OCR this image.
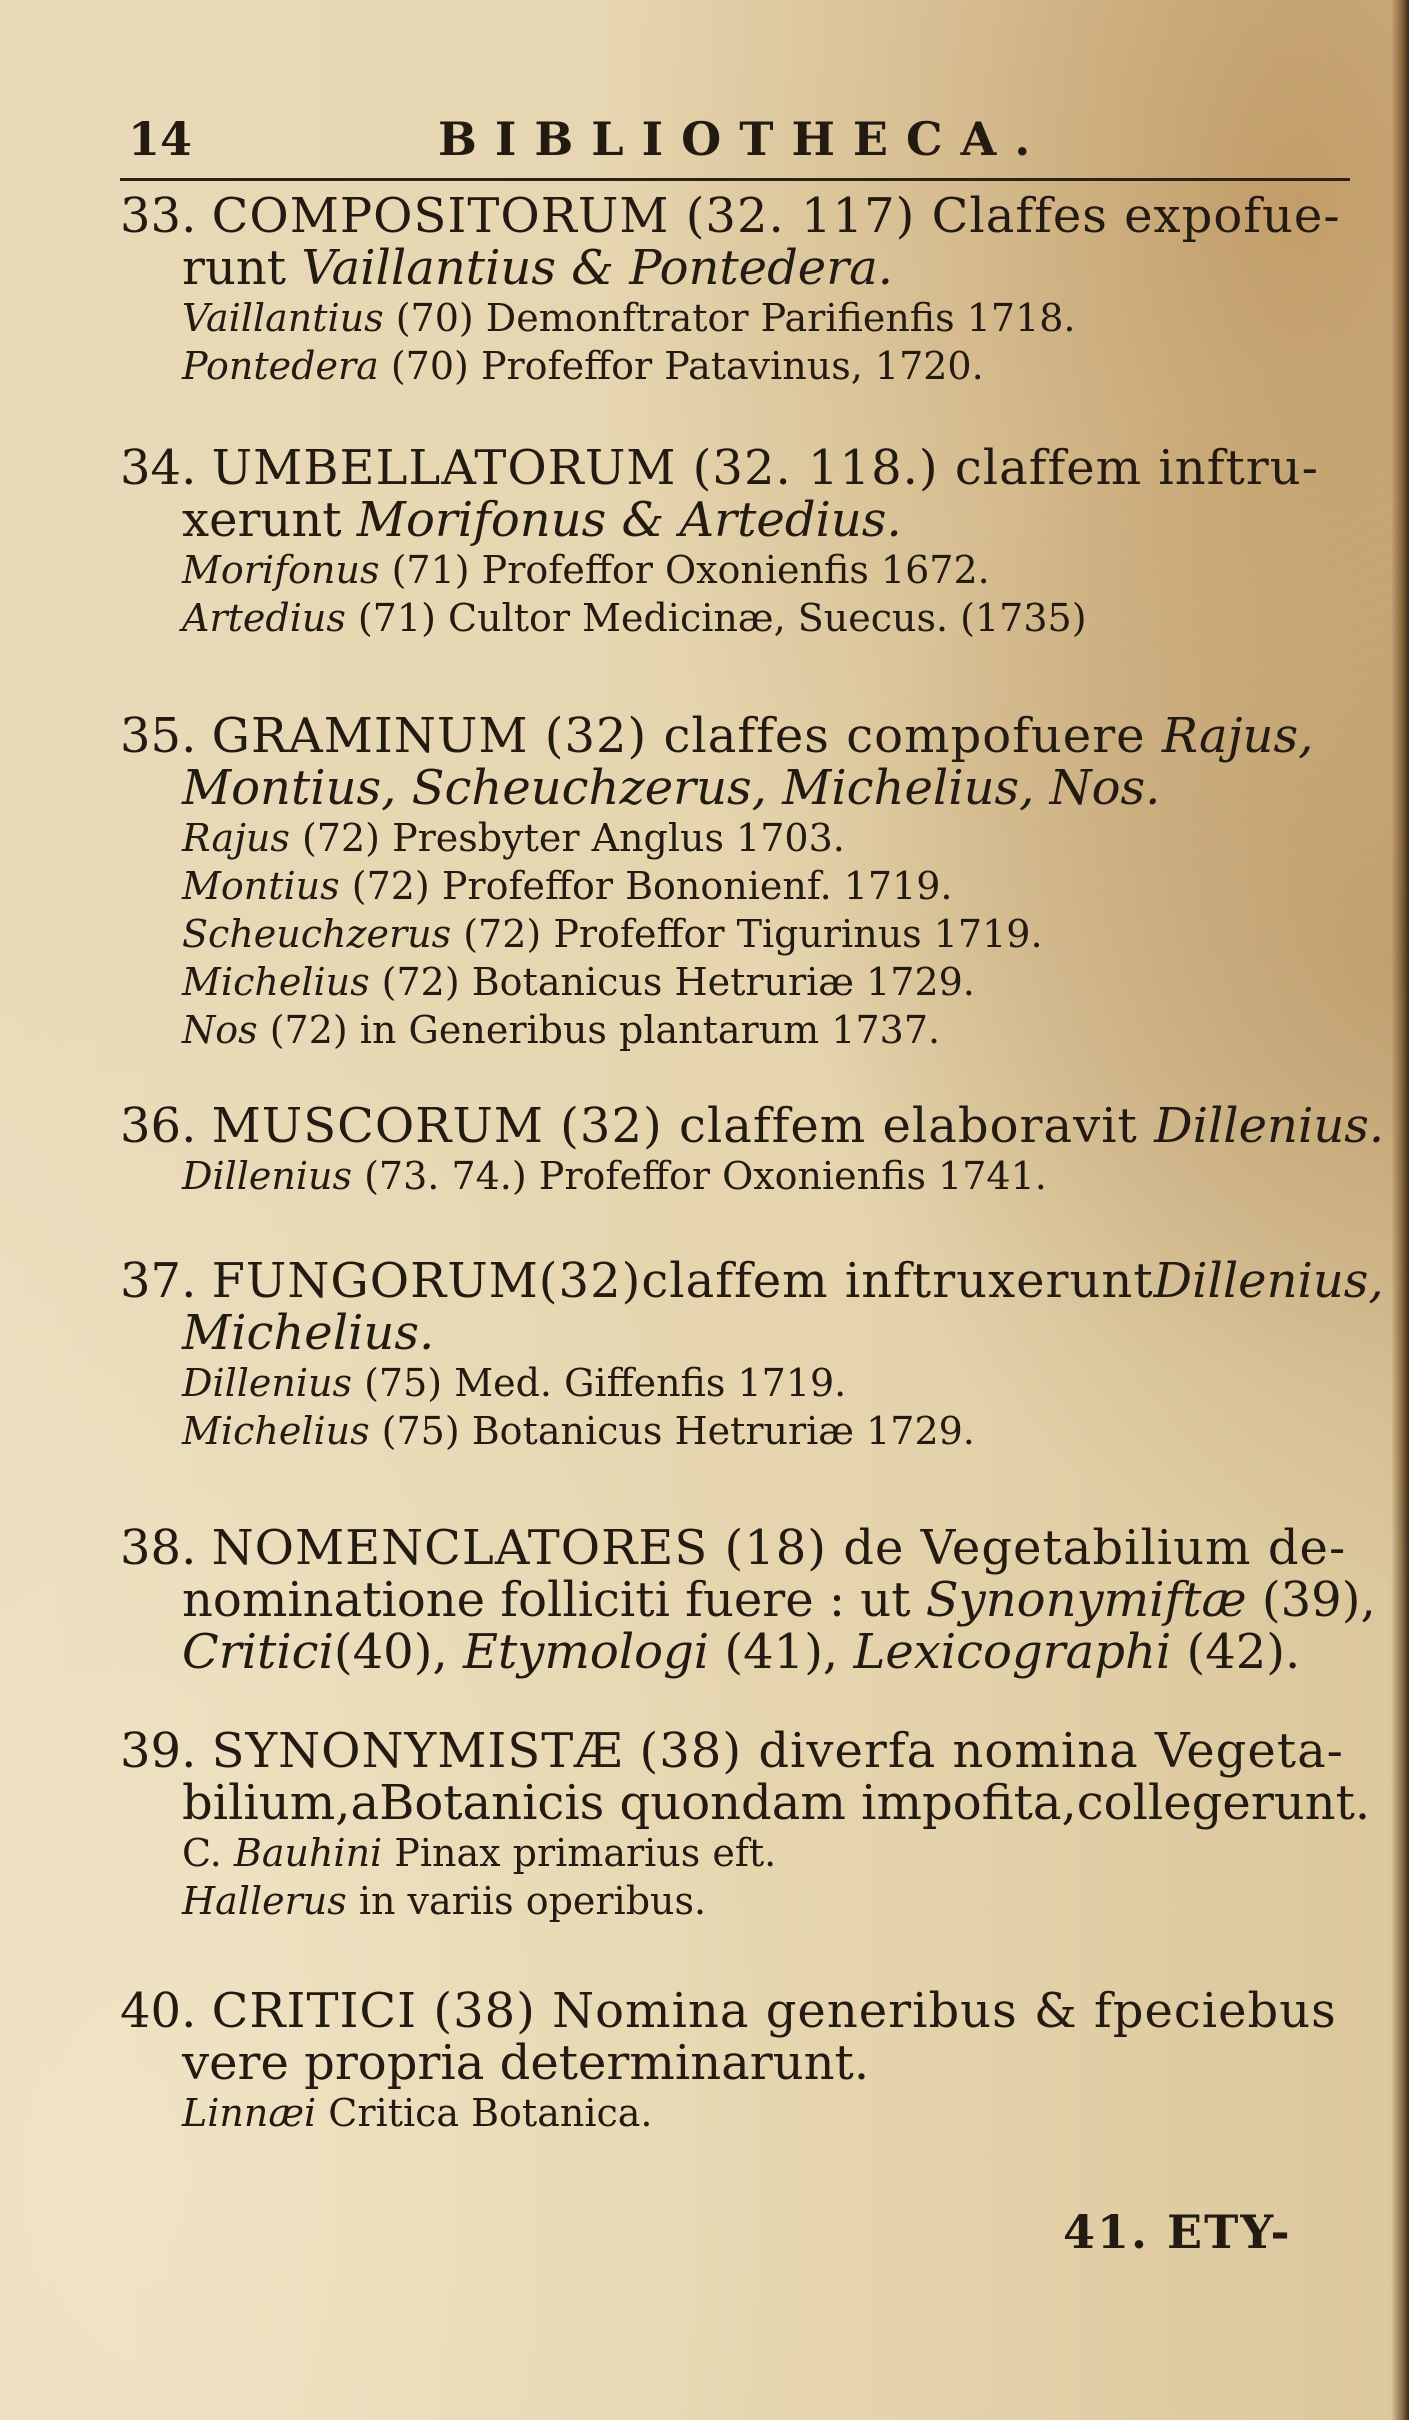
14	BIBLIOTHECA.

33. COMPOSITORUM (32. 117) Claffes expofue-

runt Vaillantius & Pontedera.

Vaillantius (70) Demonftrator Parifienfis 1718.

Pontedera (70) Profeffor Patavinus, 1720.

34. UMBELLATORUM (32. 118.) claffem inftru-

xerunt Morifonus & Artedius.

Morifonus (71) Profeffor Oxonienfis 1672.

Artedius (71) Cultor Medicinæ, Suecus. (1735)

35. GRAMINUM (32) claffes compofuere Rajus,

Montius, Scheuchzerus, Michelius, Nos.

Rajus (72) Presbyter Anglus 1703.

Montius (72) Profeffor Bononienf. 1719.

Scheuchzerus (72) Profeffor Tigurinus 1719.

Michelius (72) Botanicus Hetruriæ 1729.

Nos (72) in Generibus plantarum 1737.

36. MUSCORUM (32) claffem elaboravit Dillenius.

Dillenius (73. 74.) Profeffor Oxonienfis 1741.

37. FUNGORUM(32)claffem inftruxeruntDillenius,

Michelius.

Dillenius (75) Med. Giffenfis 1719.

Michelius (75) Botanicus Hetruriæ 1729.

38. NOMENCLATORES (18) de Vegetabilium de-

nominatione folliciti fuere : ut Synonymiftæ (39),

Critici(40), Etymologi (41), Lexicographi (42).

39. SYNONYMISTÆ (38) diverfa nomina Vegeta-

bilium,aBotanicis quondam impofita,collegerunt.

C. Bauhini Pinax primarius eft.

Hallerus in variis operibus.

40. CRITICI (38) Nomina generibus & fpeciebus

vere propria determinarunt.

Linnæi Critica Botanica.

41. ETY-
